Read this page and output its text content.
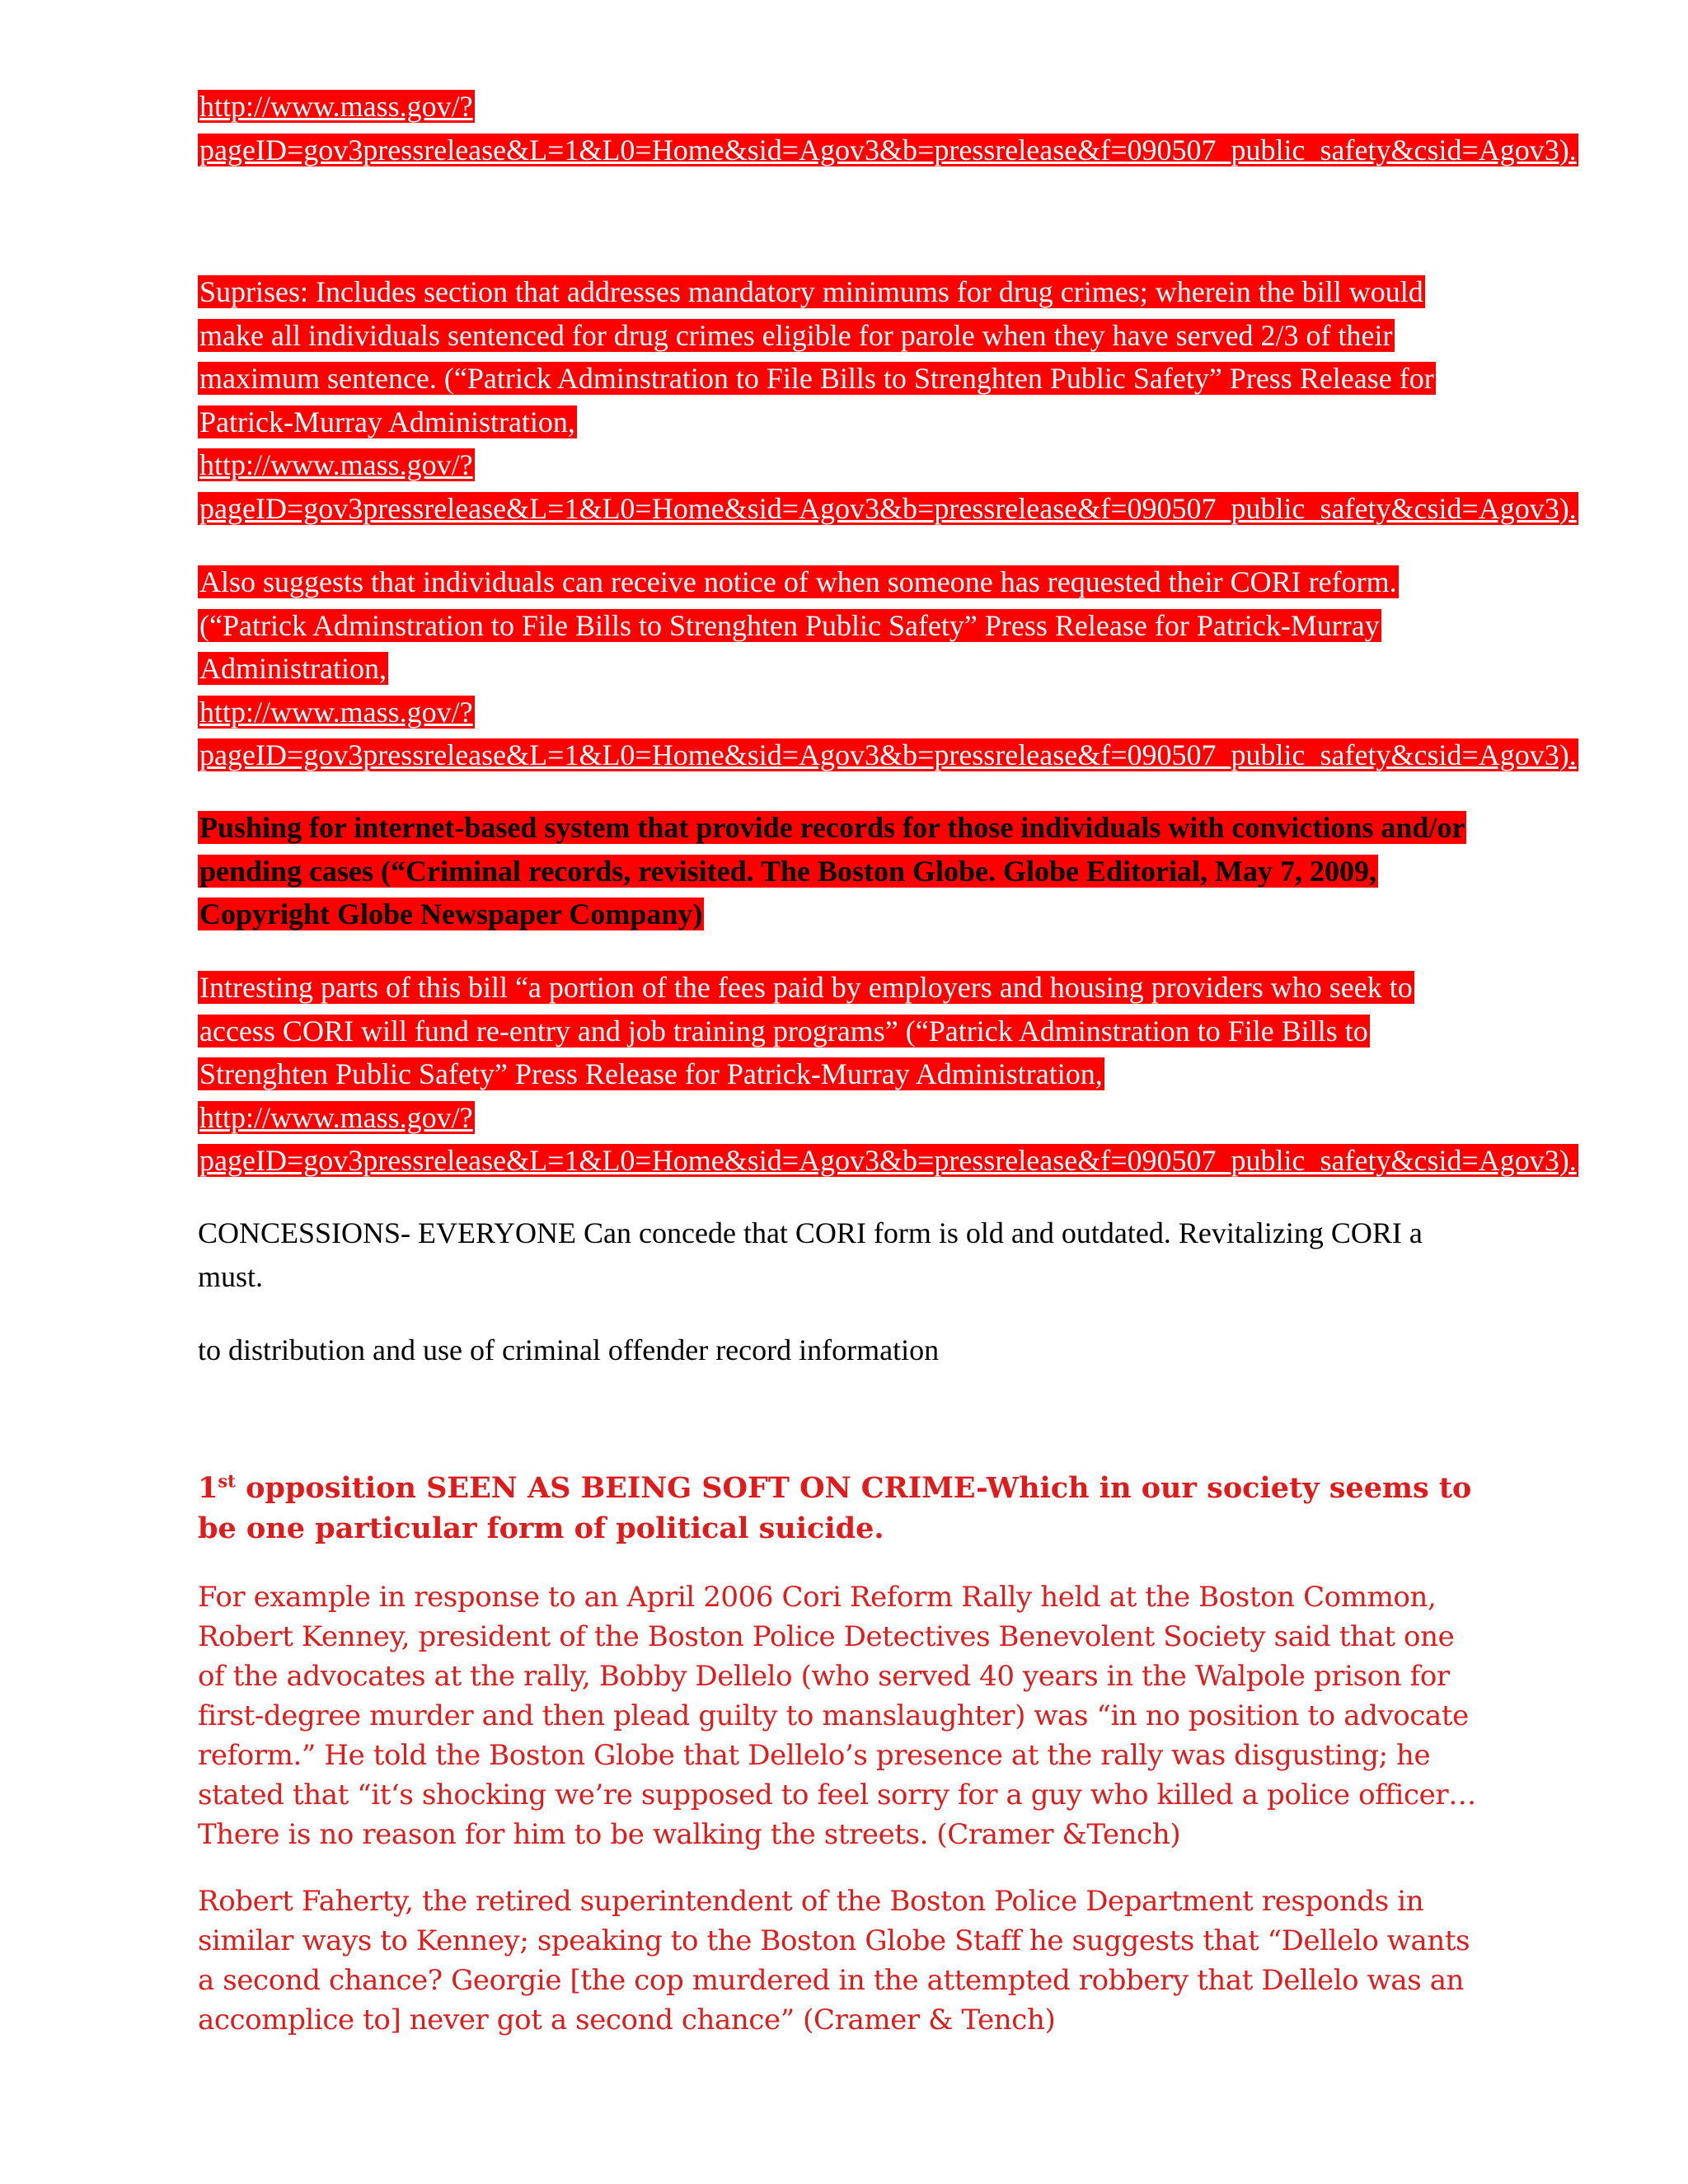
http://www.mass.gov/?pageID=gov3pressrelease&L=1&L0=Home&sid=Agov3&b=pressrelease&f=090507_public_safety&csid=Agov3).
Suprises: Includes section that addresses mandatory minimums for drug crimes; wherein the bill would make all individuals sentenced for drug crimes eligible for parole when they have served 2/3 of their maximum sentence. (“Patrick Adminstration to File Bills to Strenghten Public Safety” Press Release for Patrick-Murray Administration,
http://www.mass.gov/?pageID=gov3pressrelease&L=1&L0=Home&sid=Agov3&b=pressrelease&f=090507_public_safety&csid=Agov3).
Also suggests that individuals can receive notice of when someone has requested their CORI reform. (“Patrick Adminstration to File Bills to Strenghten Public Safety” Press Release for Patrick-Murray Administration,
http://www.mass.gov/?pageID=gov3pressrelease&L=1&L0=Home&sid=Agov3&b=pressrelease&f=090507_public_safety&csid=Agov3).
Pushing for internet-based system that provide records for those individuals with convictions and/or pending cases (“Criminal records, revisited. The Boston Globe. Globe Editorial, May 7, 2009, Copyright Globe Newspaper Company)
Intresting parts of this bill “a portion of the fees paid by employers and housing providers who seek to access CORI will fund re-entry and job training programs” (“Patrick Adminstration to File Bills to Strenghten Public Safety” Press Release for Patrick-Murray Administration,
http://www.mass.gov/?pageID=gov3pressrelease&L=1&L0=Home&sid=Agov3&b=pressrelease&f=090507_public_safety&csid=Agov3).
CONCESSIONS- EVERYONE Can concede that CORI form is old and outdated. Revitalizing CORI a must.
to distribution and use of criminal offender record information
1st opposition SEEN AS BEING SOFT ON CRIME-Which in our society seems to be one particular form of political suicide.
For example in response to an April 2006 Cori Reform Rally held at the Boston Common, Robert Kenney, president of the Boston Police Detectives Benevolent Society said that one of the advocates at the rally, Bobby Dellelo (who served 40 years in the Walpole prison for first-degree murder and then plead guilty to manslaughter) was “in no position to advocate reform.” He told the Boston Globe that Dellelo’s presence at the rally was disgusting; he stated that “it‘s shocking we’re supposed to feel sorry for a guy who killed a police officer…There is no reason for him to be walking the streets. (Cramer &Tench)
Robert Faherty, the retired superintendent of the Boston Police Department responds in similar ways to Kenney; speaking to the Boston Globe Staff he suggests that “Dellelo wants a second chance? Georgie [the cop murdered in the attempted robbery that Dellelo was an accomplice to] never got a second chance” (Cramer & Tench)
